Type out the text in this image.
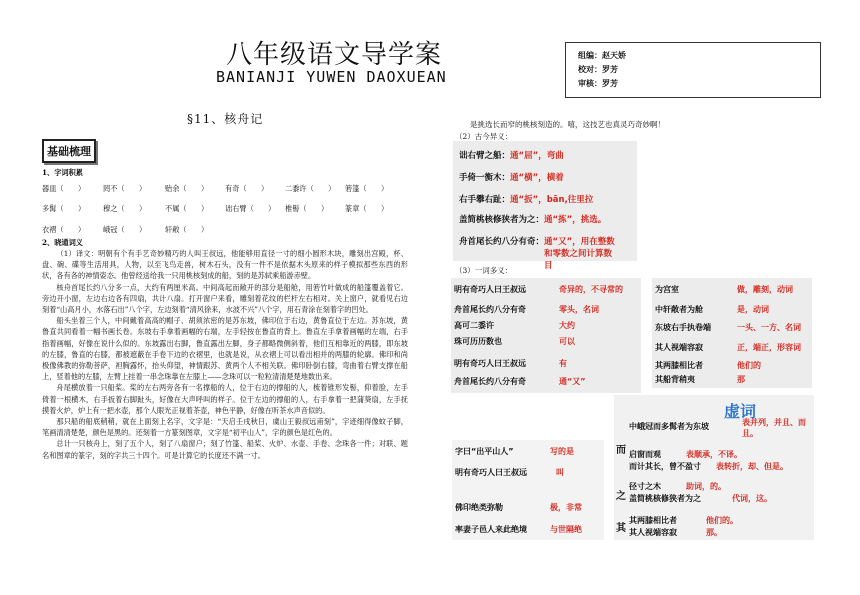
八年级语文导学案
BANIANJI YUWEN DAOXUEAN
组编：赵天娇
校对：罗芳
审核：罗芳
§11、核舟记
基础梳理
1、字词积累
器皿（　　）	罔不（　　）	贻余（　　）	有奇（　　）	二黍许（　　）	箬篷（　　）
多髯（　　）	穆之（　　）	不属（　　）	诎右臂（　　）	椎髻（　　）	篆章（　　）
衣褶（　　）	峨冠（　　）	轩敞（　　）
2、晓通词义

（1）译文：明朝有个有手艺奇妙精巧的人叫王叔远，他能够用直径一寸的细小圆形木块，雕刻出宫殿，杯、盘、碗、碟等生活用具，人物，以至飞鸟走兽，树木石头，没有一件不是依据木头原来的样子模拟那些东西的形状，各有各的神情姿态。他曾经送给我一只用桃核刻成的船，刻的是苏轼乘船游赤壁。

核舟首尾长约八分多一点，大约有两厘米高。中间高起而敞开的部分是船舱，用箬竹叶做成的船篷覆盖着它。旁边开小窗，左边右边各有四扇，共计八扇。打开窗户来看，雕刻着花纹的栏杆左右相对。关上窗户，就看见右边刻着“山高月小，水落石出”八个字，左边刻着“清风徐来，水波不兴”八个字，用石青涂在刻着字的凹处。

船头坐着三个人，中间戴着高高的帽子、胡须浓密的是苏东坡，佛印位于右边，黄鲁直位于左边。苏东坡，黄鲁直共同看着一幅书画长卷。东坡右手拿着画幅的右端，左手轻按在鲁直的背上。鲁直左手拿着画幅的左端，右手指着画幅，好像在说什么似的。东坡露出右脚，鲁直露出左脚，身子都略微侧斜着，他们互相靠近的两膝，即东坡的左膝，鲁直的右膝，都被遮蔽在手卷下边的衣褶里，也就是说，从衣褶上可以看出相并的两膝的轮廓。佛印和尚极像佛教的弥勒菩萨，袒胸露怀，抬头仰望，神情跟苏、黄两个人不相关联。佛印卧倒右膝，弯曲着右臂支撑在船上，竖着他的左膝，左臂上挂着一串念珠靠在左膝上——念珠可以一粒粒清清楚楚地数出来。

舟尾横放着一只船桨。桨的左右两旁各有一名撑船的人，位于右边的撑船的人，梳着锥形发髻，仰着脸，左手倚着一根横木，右手扳着右脚趾头，好像在大声呼叫的样子。位于左边的撑船的人，右手拿着一把蒲葵扇，左手抚摸着火炉，炉上有一把水壶，那个人眼光正视着茶壶，神色平静，好像在听茶水声音似的。

那只船的船底稍稍，就在上面刻上名字，文字是：“天启壬戌秋日，虞山王毅叔远甫刻”，字迹细得像蚊子脚，笔画清清楚楚，颜色是黑的。还刻着一方篆刻图章，文字是“初平山人”，字的颜色是红色的。

总计一只核舟上，刻了五个人，刻了八扇窗户；刻了竹篷、船桨、火炉、水壶、手卷、念珠各一件；对联、题名和图章的篆字，刻的字共三十四个。可是计算它的长度还不满一寸。

是挑选长而窄的桃核刻造的。嘻，这技艺也真灵巧奇妙啊！
（2）古今异义：
诎右臂之船：通“屈”，弯曲
手倚一衡木：通“横”，横着
右手攀右趾：通“扳”，bān,往里拉
盖简桃核修狭者为之：通“拣”，挑选。
舟首尾长约八分有奇：通“又”，用在整数和零数之间计算数目
（3）一词多义：
明有奇巧人曰王叔远	奇异的，不寻常的
舟首尾长约八分有奇	零头，名词
高可二黍许	大约
珠可历历数也	可以
明有奇巧人曰王叔远	有
舟首尾长约八分有奇	通“又”
为宫室	做，雕刻，动词
中轩敞者为舱	是，动词
东坡右手执卷端	一头、一方、名词
其人视端容寂	正，端正，形容词
其两膝相比者	他们的
其船背稍夷	那
字曰“出平山人”	写的是
明有奇巧人曰王叔远	叫
佛印绝类弥勒	极，非常
率妻子邑人来此绝境	与世隔绝
虚词
而
中峨冠而多髯者为东坡	表并列，并且、而且。
启窗而观	表顺承，不译。
而计其长，曾不盈寸 表转折，却、但是。
之
径寸之木	助词，的。
盖简桃核修狭者为之	代词，这。
其
其两膝相比者	他们的。
其人视端容寂	那。
